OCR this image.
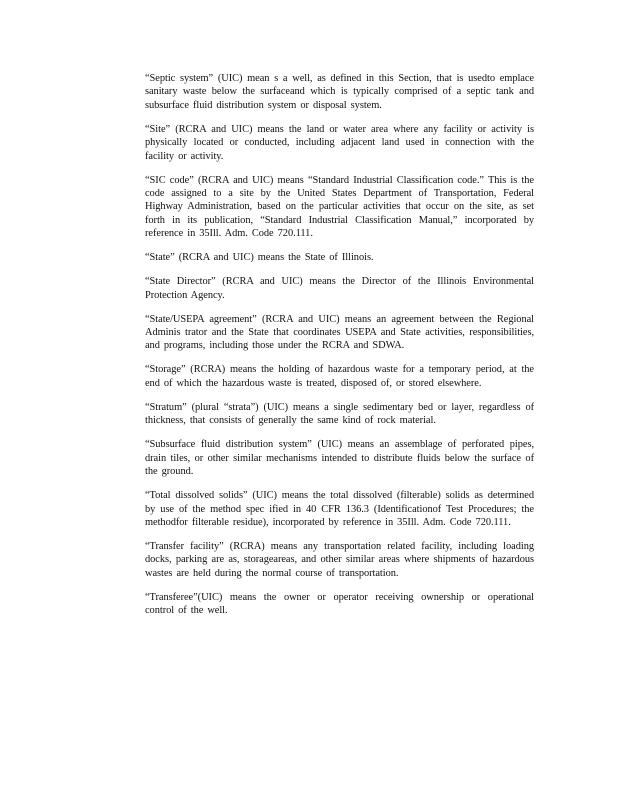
“Septic system” (UIC) mean s a well, as defined in this Section, that is usedto emplace sanitary waste below the surfaceand which is typically comprised of a septic tank and subsurface fluid distribution system or disposal system.

“Site” (RCRA and UIC) means the land or water area where any facility or activity is physically located or conducted, including adjacent land used in connection with the facility or activity.

“SIC code” (RCRA and UIC) means “Standard Industrial Classification code.” This is the code assigned to a site by the United States Department of Transportation, Federal Highway Administration, based on the particular activities that occur on the site, as set forth in its publication, “Standard Industrial Classification Manual,” incorporated by reference in 35Ill. Adm. Code 720.111.

“State” (RCRA and UIC) means the State of Illinois.

“State Director” (RCRA and UIC) means the Director of the Illinois Environmental Protection Agency.

“State/USEPA agreement” (RCRA and UIC) means an agreement between the Regional Adminis trator and the State that coordinates USEPA and State activities, responsibilities, and programs, including those under the RCRA and SDWA.

“Storage” (RCRA) means the holding of hazardous waste for a temporary period, at the end of which the hazardous waste is treated, disposed of, or stored elsewhere.

“Stratum” (plural “strata”) (UIC) means a single sedimentary bed or layer, regardless of thickness, that consists of generally the same kind of rock material.

“Subsurface fluid distribution system” (UIC) means an assemblage of perforated pipes, drain tiles, or other similar mechanisms intended to distribute fluids below the surface of the ground.

“Total dissolved solids” (UIC) means the total dissolved (filterable) solids as determined by use of the method spec ified in 40 CFR 136.3 (Identificationof Test Procedures; the methodfor filterable residue), incorporated by reference in 35Ill. Adm. Code 720.111.

“Transfer facility” (RCRA) means any transportation related facility, including loading docks, parking are as, storageareas, and other similar areas where shipments of hazardous wastes are held during the normal course of transportation.

“Transferee”(UIC) means the owner or operator receiving ownership or operational control of the well.
